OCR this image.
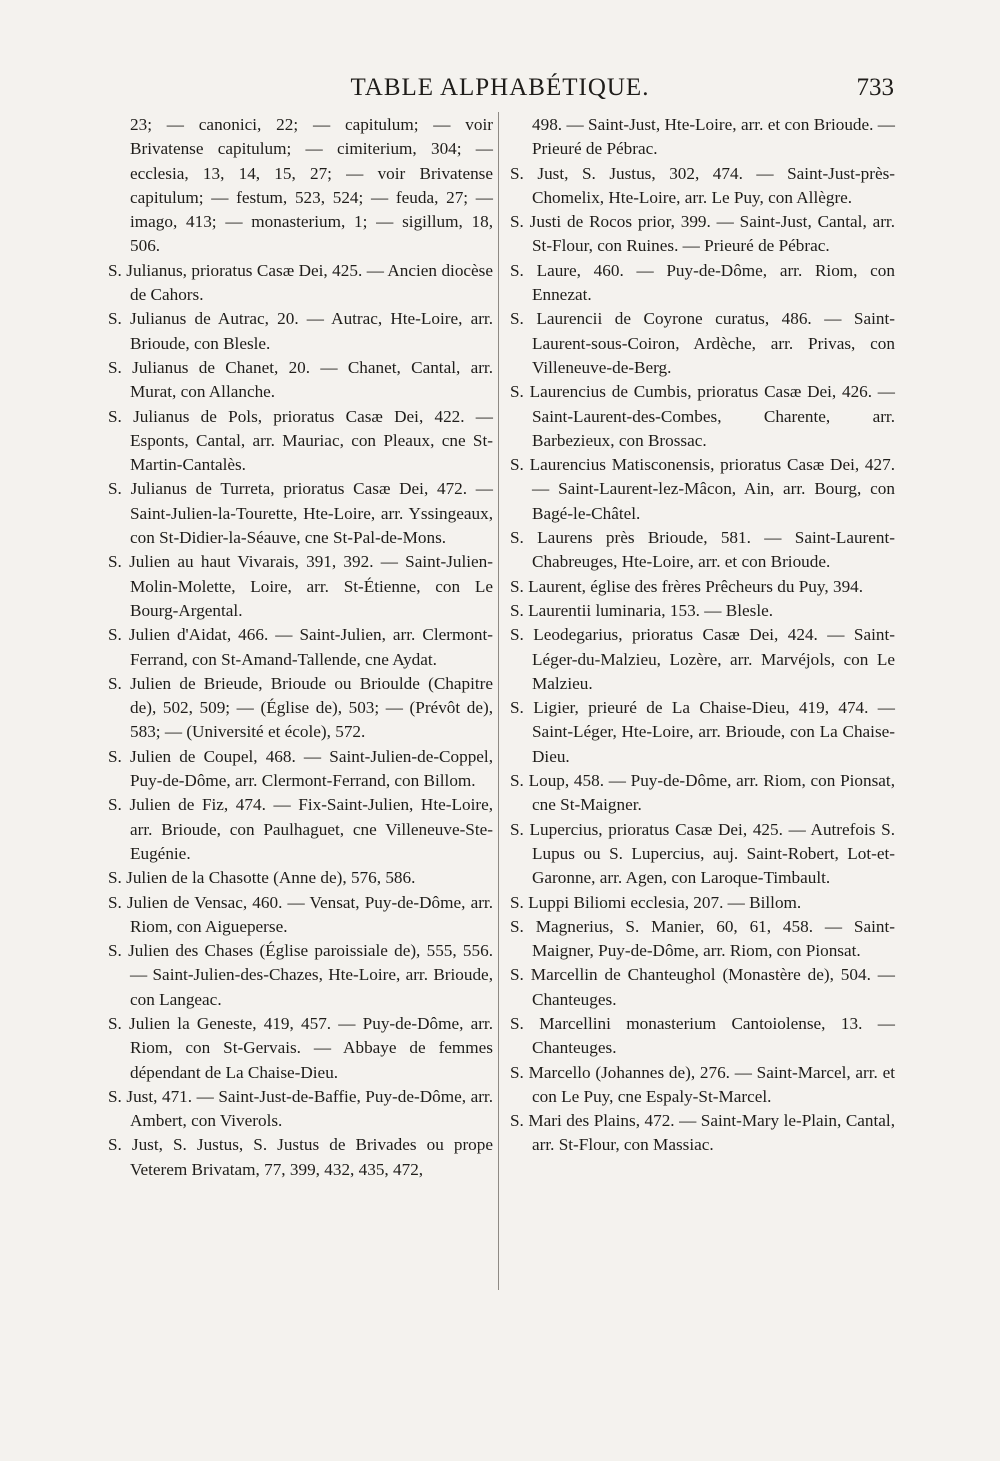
TABLE ALPHABÉTIQUE.	733

23; — canonici, 22; — capitulum; — voir Brivatense capitulum; — cimiterium, 304; — ecclesia, 13, 14, 15, 27; — voir Brivatense capitulum; — festum, 523, 524; — feuda, 27; — imago, 413; — monasterium, 1; — sigillum, 18, 506.

S. Julianus, prioratus Casæ Dei, 425. — Ancien diocèse de Cahors.

S. Julianus de Autrac, 20. — Autrac, Hte-Loire, arr. Brioude, con Blesle.

S. Julianus de Chanet, 20. — Chanet, Cantal, arr. Murat, con Allanche.

S. Julianus de Pols, prioratus Casæ Dei, 422. — Esponts, Cantal, arr. Mauriac, con Pleaux, cne St-Martin-Cantalès.

S. Julianus de Turreta, prioratus Casæ Dei, 472. — Saint-Julien-la-Tourette, Hte-Loire, arr. Yssingeaux, con St-Didier-la-Séauve, cne St-Pal-de-Mons.

S. Julien au haut Vivarais, 391, 392. — Saint-Julien-Molin-Molette, Loire, arr. St-Étienne, con Le Bourg-Argental.

S. Julien d'Aidat, 466. — Saint-Julien, arr. Clermont-Ferrand, con St-Amand-Tallende, cne Aydat.

S. Julien de Brieude, Brioude ou Brioulde (Chapitre de), 502, 509; — (Église de), 503; — (Prévôt de), 583; — (Université et école), 572.

S. Julien de Coupel, 468. — Saint-Julien-de-Coppel, Puy-de-Dôme, arr. Clermont-Ferrand, con Billom.

S. Julien de Fiz, 474. — Fix-Saint-Julien, Hte-Loire, arr. Brioude, con Paulhaguet, cne Villeneuve-Ste-Eugénie.

S. Julien de la Chasotte (Anne de), 576, 586.

S. Julien de Vensac, 460. — Vensat, Puy-de-Dôme, arr. Riom, con Aigueperse.

S. Julien des Chases (Église paroissiale de), 555, 556. — Saint-Julien-des-Chazes, Hte-Loire, arr. Brioude, con Langeac.

S. Julien la Geneste, 419, 457. — Puy-de-Dôme, arr. Riom, con St-Gervais. — Abbaye de femmes dépendant de La Chaise-Dieu.

S. Just, 471. — Saint-Just-de-Baffie, Puy-de-Dôme, arr. Ambert, con Viverols.

S. Just, S. Justus, S. Justus de Brivades ou prope Veterem Brivatam, 77, 399, 432, 435, 472,

498. — Saint-Just, Hte-Loire, arr. et con Brioude. — Prieuré de Pébrac.

S. Just, S. Justus, 302, 474. — Saint-Just-près-Chomelix, Hte-Loire, arr. Le Puy, con Allègre.

S. Justi de Rocos prior, 399. — Saint-Just, Cantal, arr. St-Flour, con Ruines. — Prieuré de Pébrac.

S. Laure, 460. — Puy-de-Dôme, arr. Riom, con Ennezat.

S. Laurencii de Coyrone curatus, 486. — Saint-Laurent-sous-Coiron, Ardèche, arr. Privas, con Villeneuve-de-Berg.

S. Laurencius de Cumbis, prioratus Casæ Dei, 426. — Saint-Laurent-des-Combes, Charente, arr. Barbezieux, con Brossac.

S. Laurencius Matisconensis, prioratus Casæ Dei, 427. — Saint-Laurent-lez-Mâcon, Ain, arr. Bourg, con Bagé-le-Châtel.

S. Laurens près Brioude, 581. — Saint-Laurent-Chabreuges, Hte-Loire, arr. et con Brioude.

S. Laurent, église des frères Prêcheurs du Puy, 394.

S. Laurentii luminaria, 153. — Blesle.

S. Leodegarius, prioratus Casæ Dei, 424. — Saint-Léger-du-Malzieu, Lozère, arr. Marvéjols, con Le Malzieu.

S. Ligier, prieuré de La Chaise-Dieu, 419, 474. — Saint-Léger, Hte-Loire, arr. Brioude, con La Chaise-Dieu.

S. Loup, 458. — Puy-de-Dôme, arr. Riom, con Pionsat, cne St-Maigner.

S. Lupercius, prioratus Casæ Dei, 425. — Autrefois S. Lupus ou S. Lupercius, auj. Saint-Robert, Lot-et-Garonne, arr. Agen, con Laroque-Timbault.

S. Luppi Biliomi ecclesia, 207. — Billom.

S. Magnerius, S. Manier, 60, 61, 458. — Saint-Maigner, Puy-de-Dôme, arr. Riom, con Pionsat.

S. Marcellin de Chanteughol (Monastère de), 504. — Chanteuges.

S. Marcellini monasterium Cantoiolense, 13. — Chanteuges.

S. Marcello (Johannes de), 276. — Saint-Marcel, arr. et con Le Puy, cne Espaly-St-Marcel.

S. Mari des Plains, 472. — Saint-Mary le-Plain, Cantal, arr. St-Flour, con Massiac.
